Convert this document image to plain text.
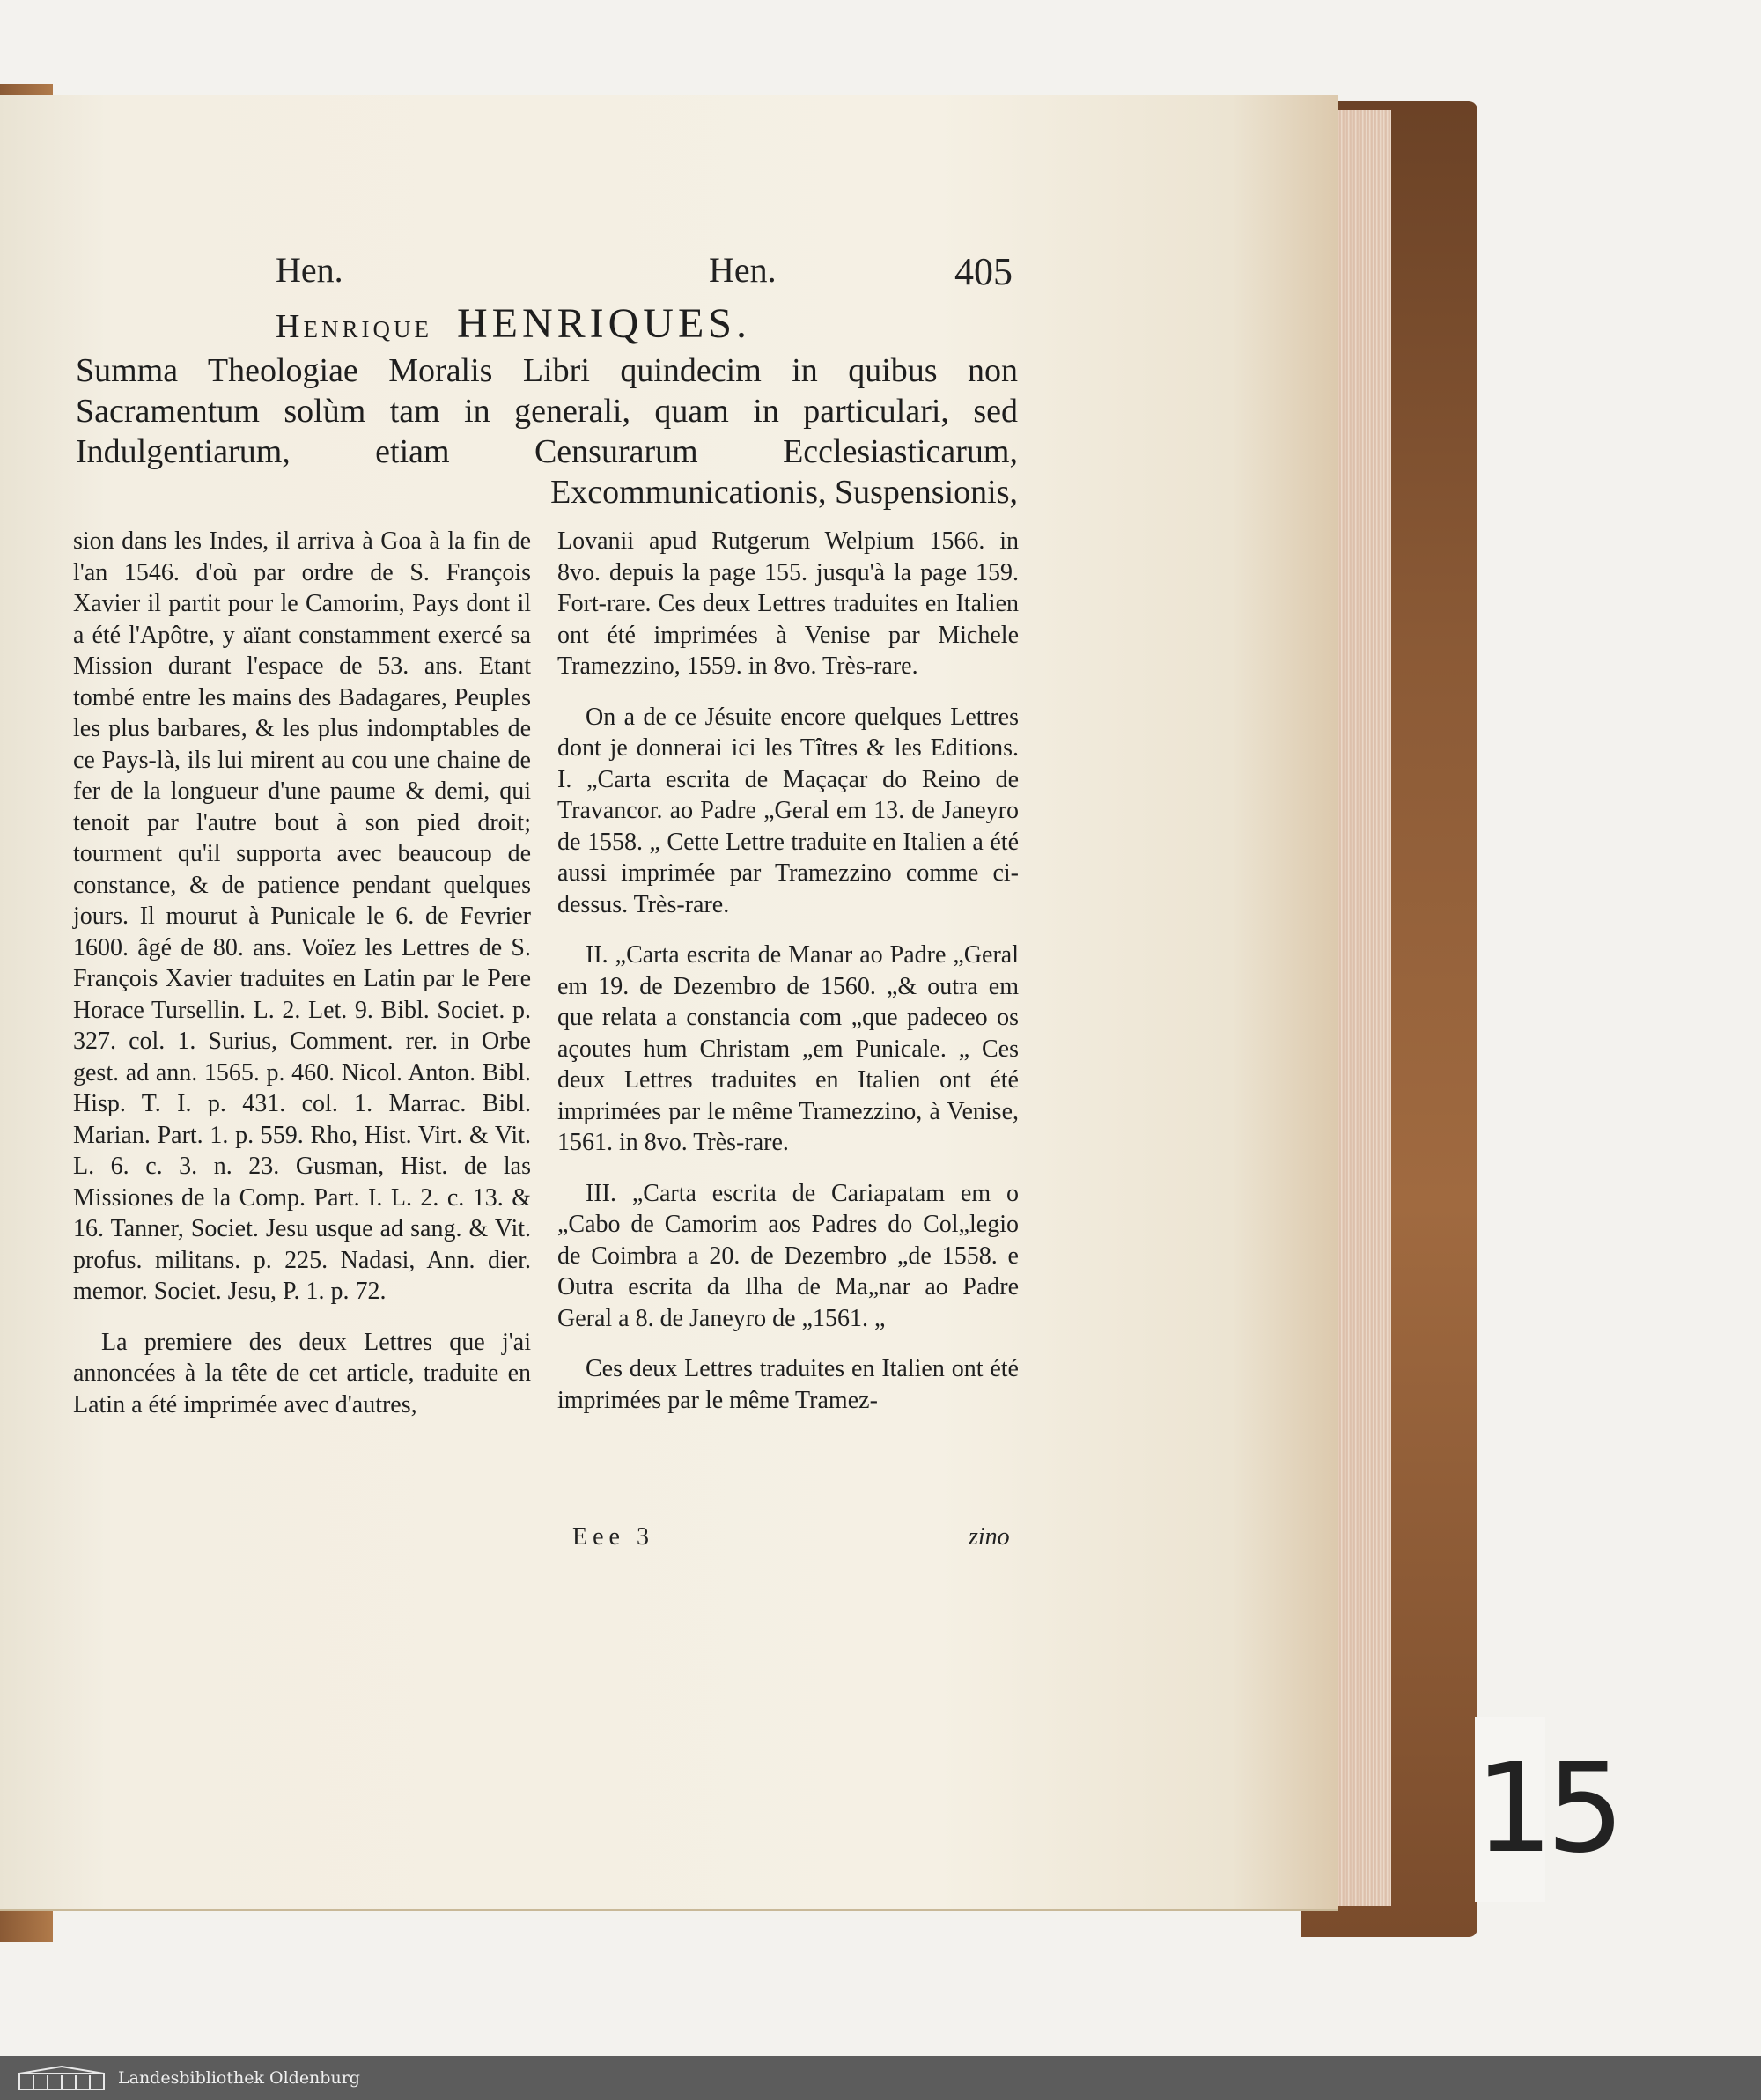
Hen.	Hen.	405
Henrique HENRIQUES.
Summa Theologiae Moralis Libri quindecim in quibus non Sacramentum solùm tam in generali, quam in particulari, sed Indulgentiarum, etiam Censurarum Ecclesiasticarum, Excommunicationis, Suspensionis,

sion dans les Indes, il arriva à Goa à la fin de l'an 1546. d'où par ordre de S. François Xavier il partit pour le Camorim, Pays dont il a été l'Apôtre, y aïant constamment exercé sa Mission durant l'espace de 53. ans. Etant tombé entre les mains des Badagares, Peuples les plus barbares, & les plus indomptables de ce Pays-là, ils lui mirent au cou une chaine de fer de la longueur d'une paume & demi, qui tenoit par l'autre bout à son pied droit; tourment qu'il supporta avec beaucoup de constance, & de patience pendant quelques jours. Il mourut à Punicale le 6. de Fevrier 1600. âgé de 80. ans. Voïez les Lettres de S. François Xavier traduites en Latin par le Pere Horace Tursellin. L. 2. Let. 9. Bibl. Societ. p. 327. col. 1. Surius, Comment. rer. in Orbe gest. ad ann. 1565. p. 460. Nicol. Anton. Bibl. Hisp. T. I. p. 431. col. 1. Marrac. Bibl. Marian. Part. 1. p. 559. Rho, Hist. Virt. & Vit. L. 6. c. 3. n. 23. Gusman, Hist. de las Missiones de la Comp. Part. I. L. 2. c. 13. & 16. Tanner, Societ. Jesu usque ad sang. & Vit. profus. militans. p. 225. Nadasi, Ann. dier. memor. Societ. Jesu, P. 1. p. 72.

La premiere des deux Lettres que j'ai annoncées à la tête de cet article, traduite en Latin a été imprimée avec d'autres,

Lovanii apud Rutgerum Welpium 1566. in 8vo. depuis la page 155. jusqu'à la page 159. Fort-rare. Ces deux Lettres traduites en Italien ont été imprimées à Venise par Michele Tramezzino, 1559. in 8vo. Très-rare.

On a de ce Jésuite encore quelques Lettres dont je donnerai ici les Tîtres & les Editions. I. „Carta escrita de Maçaçar do Reino de Travancor. ao Padre „Geral em 13. de Janeyro de 1558. „ Cette Lettre traduite en Italien a été aussi imprimée par Tramezzino comme ci-dessus. Très-rare.

II. „Carta escrita de Manar ao Padre „Geral em 19. de Dezembro de 1560. „& outra em que relata a constancia com „que padeceo os açoutes hum Christam „em Punicale. „ Ces deux Lettres traduites en Italien ont été imprimées par le même Tramezzino, à Venise, 1561. in 8vo. Très-rare.

III. „Carta escrita de Cariapatam em o „Cabo de Camorim aos Padres do Col„legio de Coimbra a 20. de Dezembro „de 1558. e Outra escrita da Ilha de Ma„nar ao Padre Geral a 8. de Janeyro de „1561. „

Ces deux Lettres traduites en Italien ont été imprimées par le même Tramez-

Eee 3	zino
15
Landesbibliothek Oldenburg
